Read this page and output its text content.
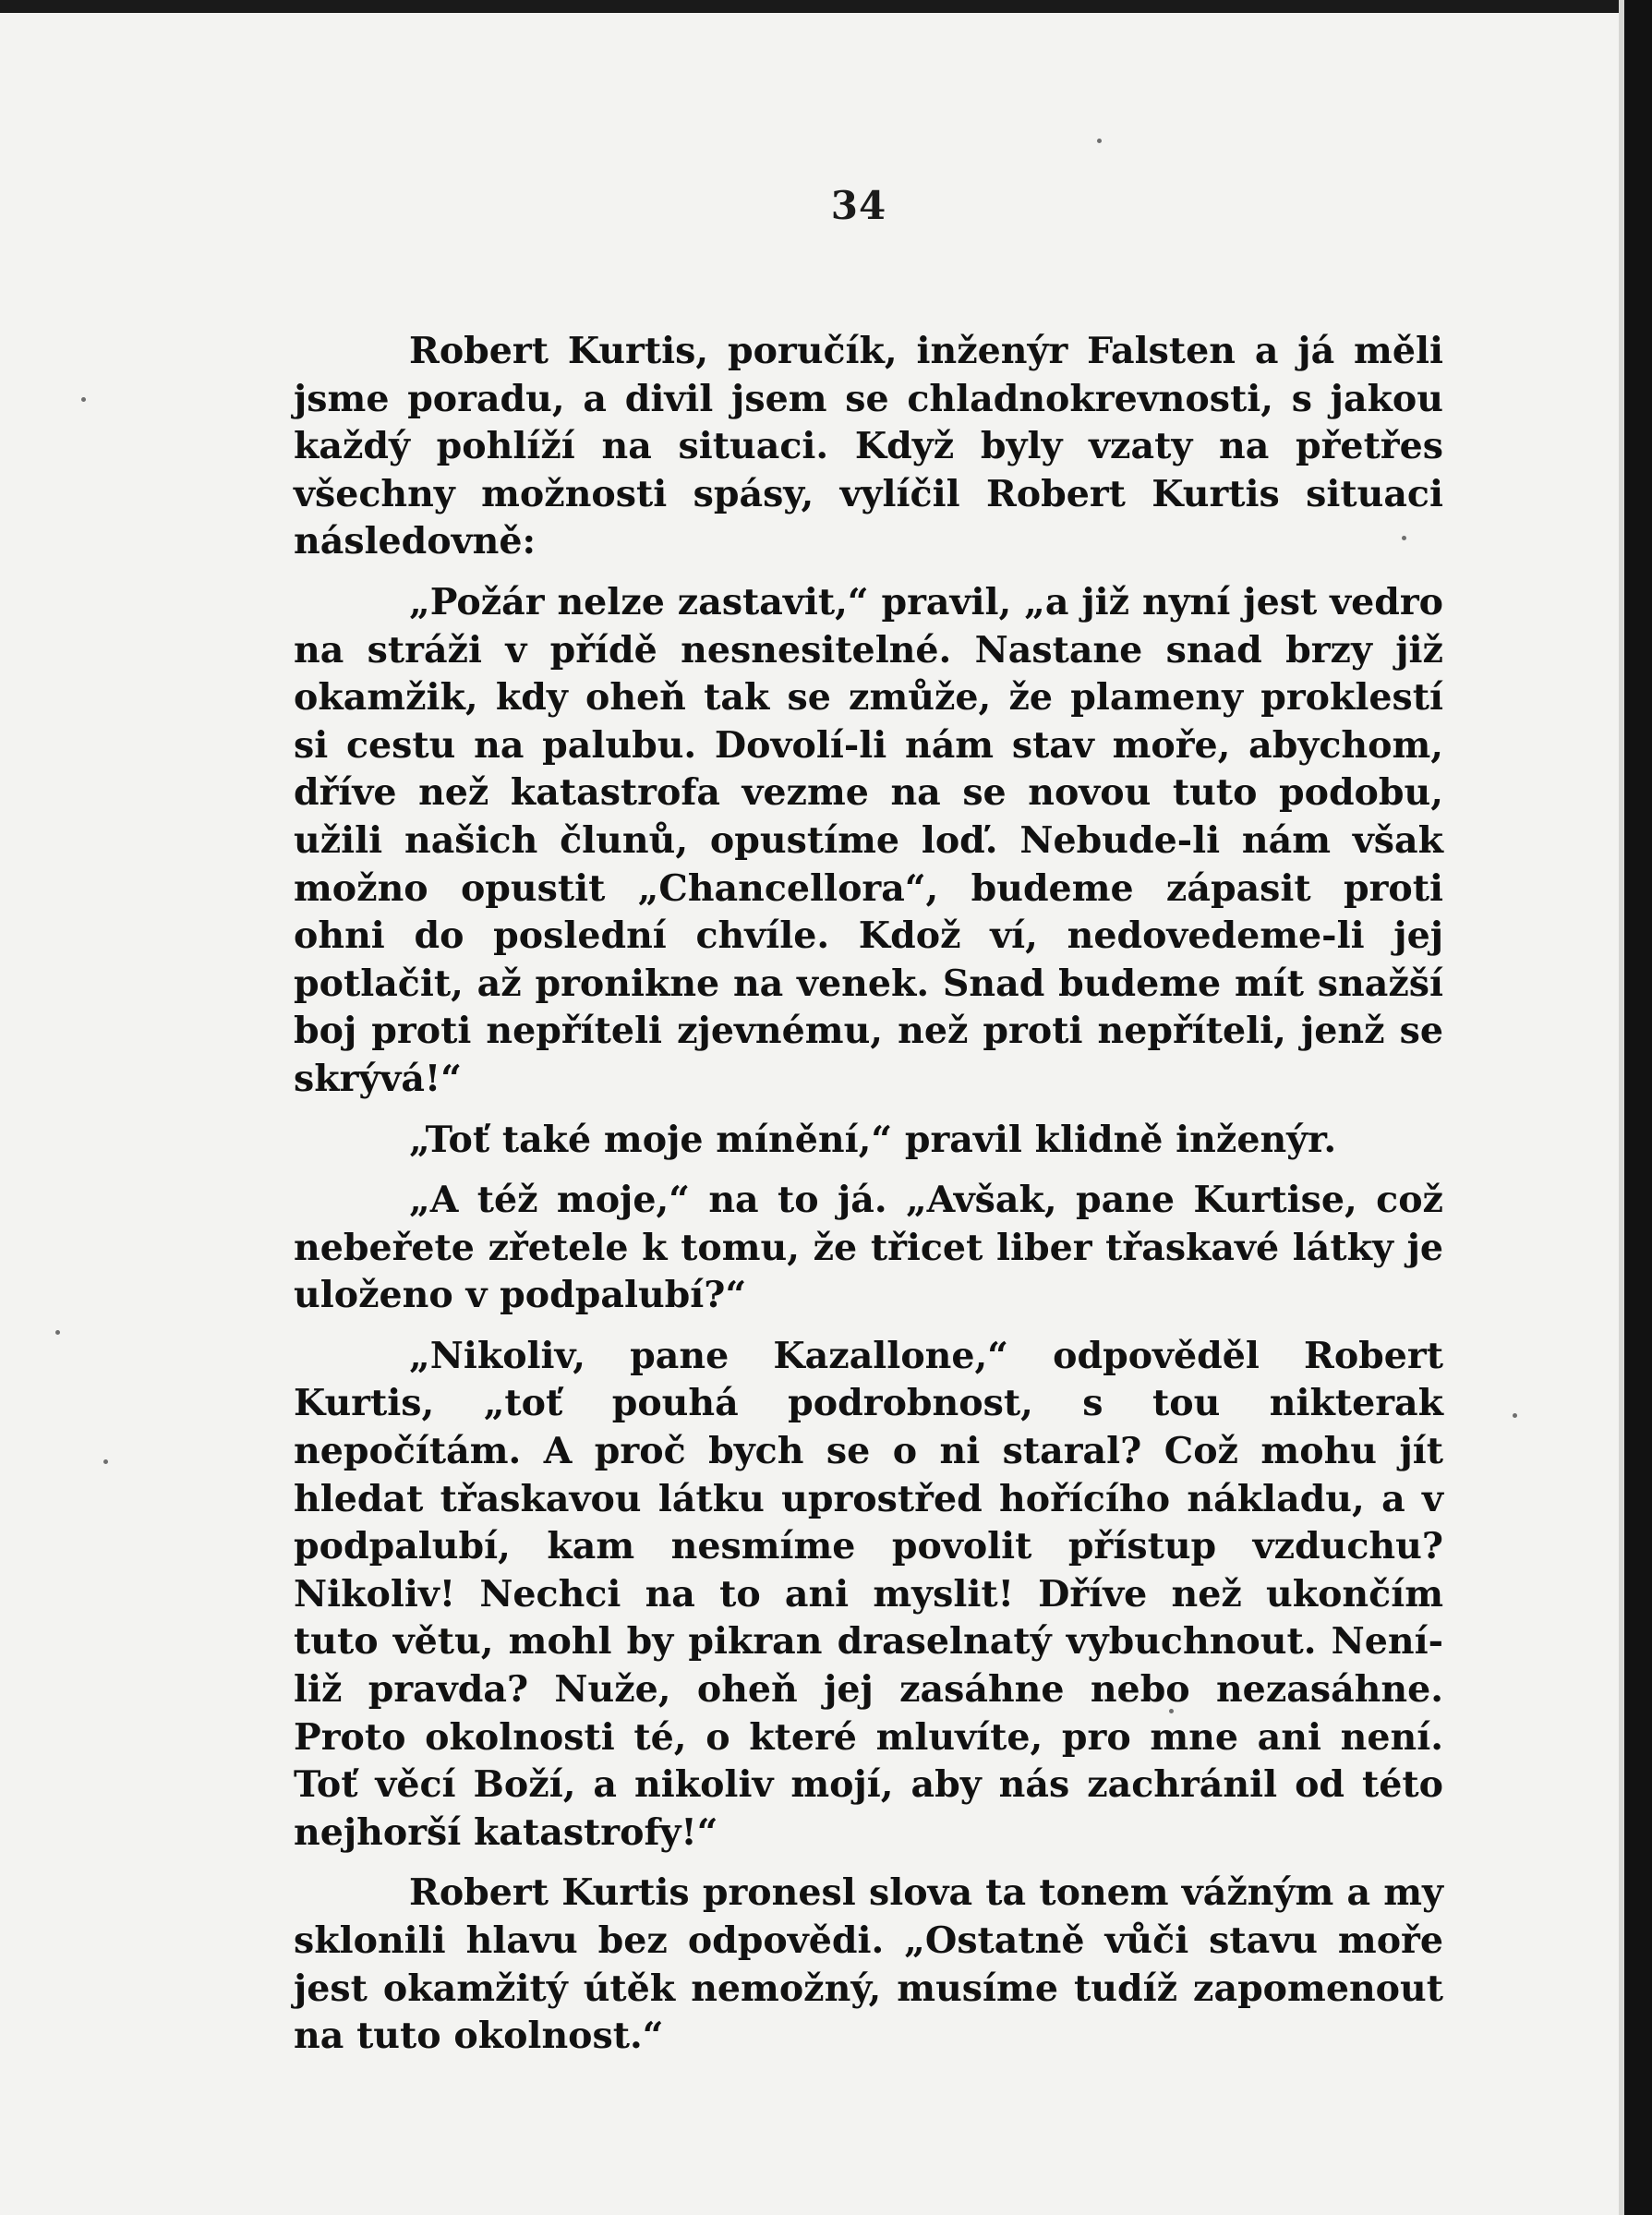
34

Robert Kurtis, poručík, inženýr Falsten a já měli jsme poradu, a divil jsem se chladnokrevnosti, s jakou každý pohlíží na situaci. Když byly vzaty na přetřes všechny možnosti spásy, vylíčil Robert Kurtis situaci následovně:

„Požár nelze zastavit,“ pravil, „a již nyní jest vedro na stráži v přídě nesnesitelné. Nastane snad brzy již okamžik, kdy oheň tak se zmůže, že plameny proklestí si cestu na palubu. Dovolí-li nám stav moře, abychom, dříve než katastrofa vezme na se novou tuto podobu, užili našich člunů, opustíme loď. Nebude-li nám však možno opustit „Chancellora“, budeme zápasit proti ohni do poslední chvíle. Kdož ví, nedovedeme-li jej potlačit, až pronikne na venek. Snad budeme mít snažší boj proti nepříteli zjevnému, než proti nepříteli, jenž se skrývá!“

„Toť také moje mínění,“ pravil klidně inženýr.

„A též moje,“ na to já. „Avšak, pane Kurtise, což nebeřete zřetele k tomu, že třicet liber třaskavé látky je uloženo v podpalubí?“

„Nikoliv, pane Kazallone,“ odpověděl Robert Kurtis, „toť pouhá podrobnost, s tou nikterak nepočítám. A proč bych se o ni staral? Což mohu jít hledat třaskavou látku uprostřed hořícího nákladu, a v podpalubí, kam nesmíme povolit přístup vzduchu? Nikoliv! Nechci na to ani myslit! Dříve než ukončím tuto větu, mohl by pikran draselnatý vybuchnout. Není-liž pravda? Nuže, oheň jej zasáhne nebo nezasáhne. Proto okolnosti té, o které mluvíte, pro mne ani není. Toť věcí Boží, a nikoliv mojí, aby nás zachránil od této nejhorší katastrofy!“

Robert Kurtis pronesl slova ta tonem vážným a my sklonili hlavu bez odpovědi. „Ostatně vůči stavu moře jest okamžitý útěk nemožný, musíme tudíž zapomenout na tuto okolnost.“
